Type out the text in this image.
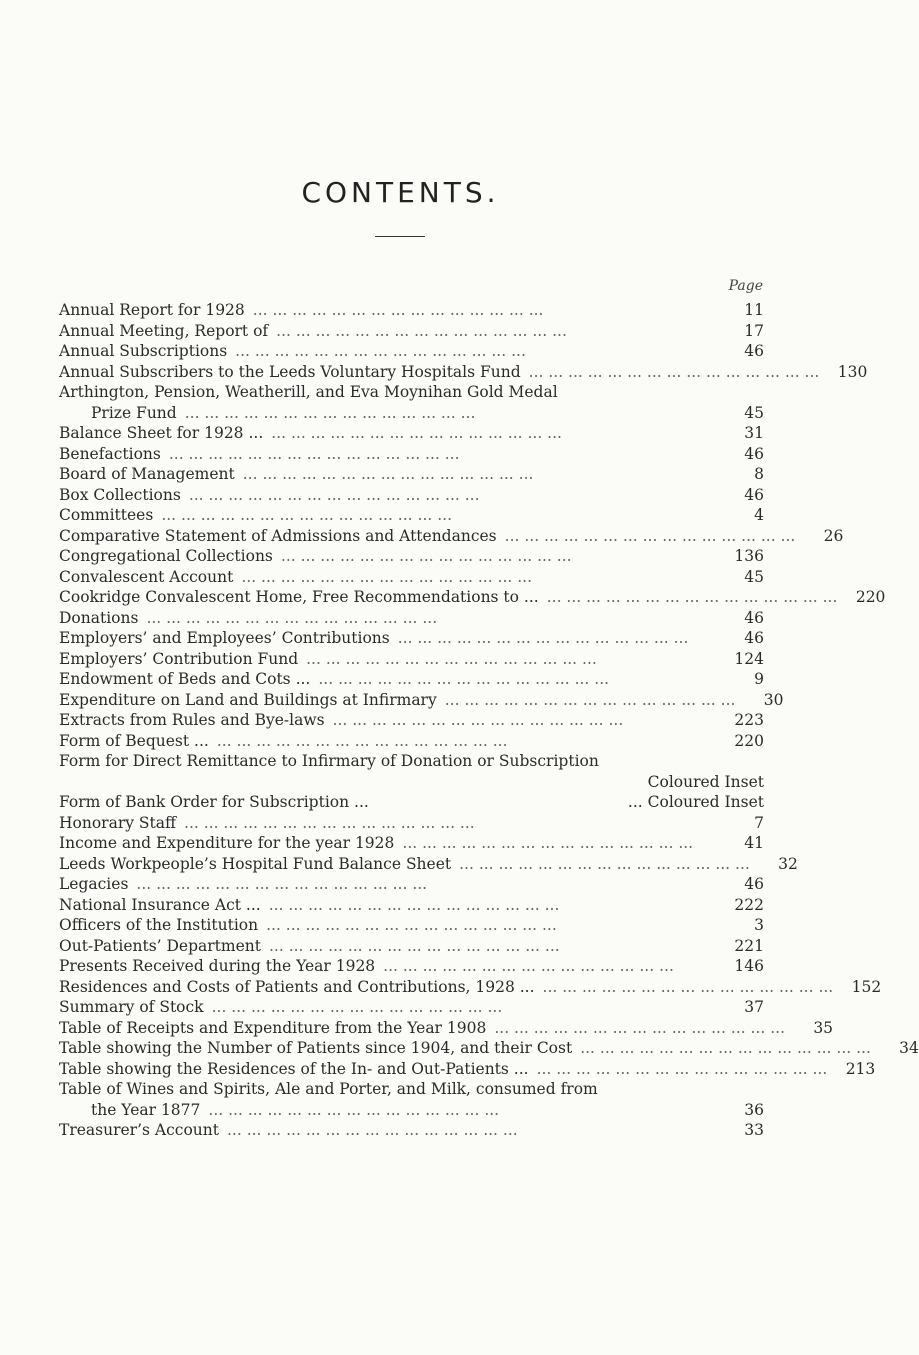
CONTENTS.
Page
Annual Report for 1928 ... ... ... ... ... ... ... ... ... ... ... ... ... ... ...	11
Annual Meeting, Report of ... ... ... ... ... ... ... ... ... ... ... ... ... ... ...	17
Annual Subscriptions ... ... ... ... ... ... ... ... ... ... ... ... ... ... ...	46
Annual Subscribers to the Leeds Voluntary Hospitals Fund ... ... ... ... ... ... ... ... ... ... ... ... ... ... ...	130
Arthington, Pension, Weatherill, and Eva Moynihan Gold Medal
Prize Fund ... ... ... ... ... ... ... ... ... ... ... ... ... ... ...	45
Balance Sheet for 1928 ... ... ... ... ... ... ... ... ... ... ... ... ... ... ... ...	31
Benefactions ... ... ... ... ... ... ... ... ... ... ... ... ... ... ...	46
Board of Management ... ... ... ... ... ... ... ... ... ... ... ... ... ... ...	8
Box Collections ... ... ... ... ... ... ... ... ... ... ... ... ... ... ...	46
Committees ... ... ... ... ... ... ... ... ... ... ... ... ... ... ...	4
Comparative Statement of Admissions and Attendances ... ... ... ... ... ... ... ... ... ... ... ... ... ... ...	26
Congregational Collections ... ... ... ... ... ... ... ... ... ... ... ... ... ... ...	136
Convalescent Account ... ... ... ... ... ... ... ... ... ... ... ... ... ... ...	45
Cookridge Convalescent Home, Free Recommendations to ... ... ... ... ... ... ... ... ... ... ... ... ... ... ... ...	220
Donations ... ... ... ... ... ... ... ... ... ... ... ... ... ... ...	46
Employers’ and Employees’ Contributions ... ... ... ... ... ... ... ... ... ... ... ... ... ... ...	46
Employers’ Contribution Fund ... ... ... ... ... ... ... ... ... ... ... ... ... ... ...	124
Endowment of Beds and Cots ... ... ... ... ... ... ... ... ... ... ... ... ... ... ... ...	9
Expenditure on Land and Buildings at Infirmary ... ... ... ... ... ... ... ... ... ... ... ... ... ... ...	30
Extracts from Rules and Bye-laws ... ... ... ... ... ... ... ... ... ... ... ... ... ... ...	223
Form of Bequest ... ... ... ... ... ... ... ... ... ... ... ... ... ... ... ...	220
Form for Direct Remittance to Infirmary of Donation or Subscription
Coloured Inset
Form of Bank Order for Subscription ...	... Coloured Inset
Honorary Staff ... ... ... ... ... ... ... ... ... ... ... ... ... ... ...	7
Income and Expenditure for the year 1928 ... ... ... ... ... ... ... ... ... ... ... ... ... ... ...	41
Leeds Workpeople’s Hospital Fund Balance Sheet ... ... ... ... ... ... ... ... ... ... ... ... ... ... ...	32
Legacies ... ... ... ... ... ... ... ... ... ... ... ... ... ... ...	46
National Insurance Act ... ... ... ... ... ... ... ... ... ... ... ... ... ... ... ...	222
Officers of the Institution ... ... ... ... ... ... ... ... ... ... ... ... ... ... ...	3
Out-Patients’ Department ... ... ... ... ... ... ... ... ... ... ... ... ... ... ...	221
Presents Received during the Year 1928 ... ... ... ... ... ... ... ... ... ... ... ... ... ... ...	146
Residences and Costs of Patients and Contributions, 1928 ... ... ... ... ... ... ... ... ... ... ... ... ... ... ... ...	152
Summary of Stock ... ... ... ... ... ... ... ... ... ... ... ... ... ... ...	37
Table of Receipts and Expenditure from the Year 1908 ... ... ... ... ... ... ... ... ... ... ... ... ... ... ...	35
Table showing the Number of Patients since 1904, and their Cost ... ... ... ... ... ... ... ... ... ... ... ... ... ... ...	34
Table showing the Residences of the In- and Out-Patients ... ... ... ... ... ... ... ... ... ... ... ... ... ... ... ...	213
Table of Wines and Spirits, Ale and Porter, and Milk, consumed from
the Year 1877 ... ... ... ... ... ... ... ... ... ... ... ... ... ... ...	36
Treasurer’s Account ... ... ... ... ... ... ... ... ... ... ... ... ... ... ...	33
